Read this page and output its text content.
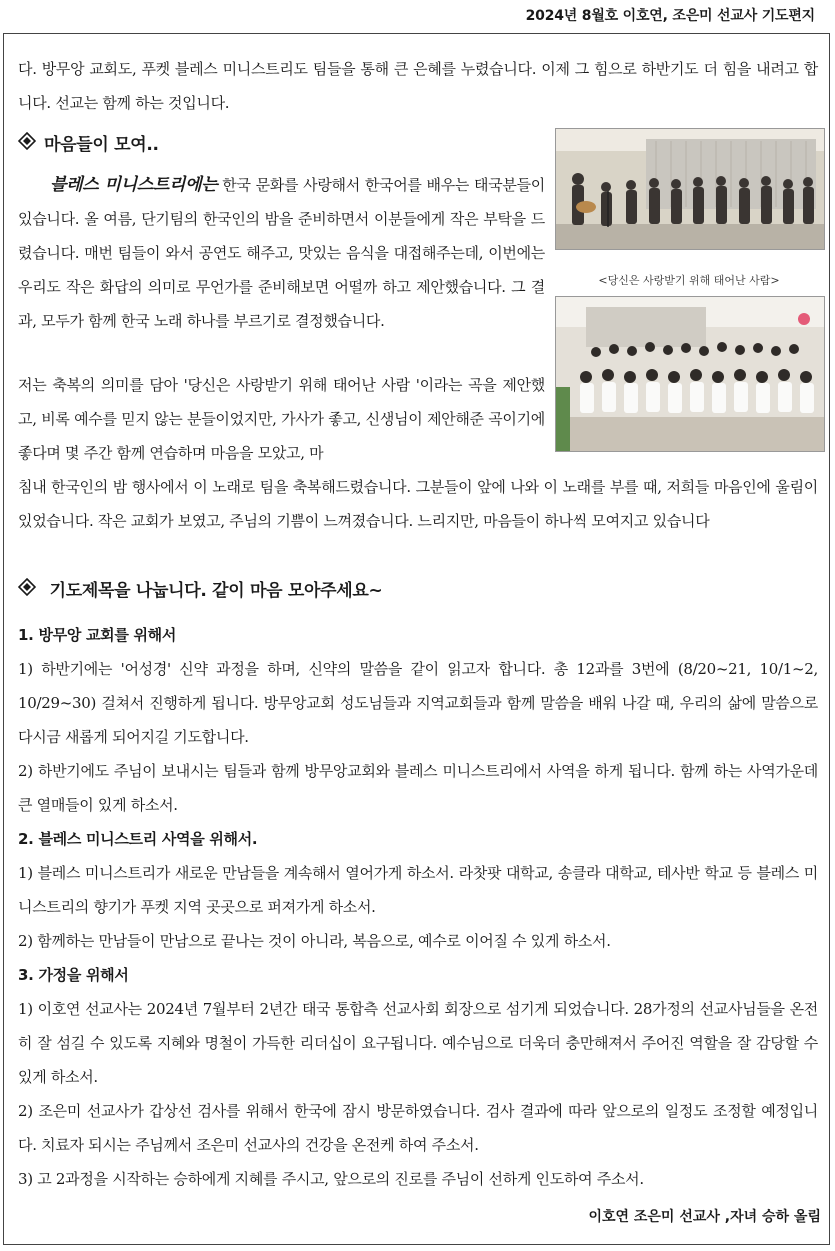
2024년 8월호 이호연, 조은미 선교사 기도편지

다. 방무앙 교회도, 푸켓 블레스 미니스트리도 팀들을 통해 큰 은혜를 누렸습니다. 이제 그 힘으로 하반기도 더 힘을 내려고 합니다. 선교는 함께 하는 것입니다.

마음들이 모여..

블레스 미니스트리에는 한국 문화를 사랑해서 한국어를 배우는 태국분들이 있습니다. 올 여름, 단기팀의 한국인의 밤을 준비하면서 이분들에게 작은 부탁을 드렸습니다. 매번 팀들이 와서 공연도 해주고, 맛있는 음식을 대접해주는데, 이번에는 우리도 작은 화답의 의미로 무언가를 준비해보면 어떨까 하고 제안했습니다. 그 결과, 모두가 함께 한국 노래 하나를 부르기로 결정했습니다.

저는 축복의 의미를 담아 '당신은 사랑받기 위해 태어난 사람 '이라는 곡을 제안했고, 비록 예수를 믿지 않는 분들이었지만, 가사가 좋고, 신생님이 제안해준 곡이기에 좋다며 몇 주간 함께 연습하며 마음을 모았고, 마

침내 한국인의 밤 행사에서 이 노래로 팀을 축복해드렸습니다. 그분들이 앞에 나와 이 노래를 부를 때, 저희들 마음인에 울림이 있었습니다. 작은 교회가 보였고, 주님의 기쁨이 느껴졌습니다. 느리지만, 마음들이 하나씩 모여지고 있습니다

<당신은 사랑받기 위해 태어난 사람>
기도제목을 나눕니다. 같이 마음 모아주세요~

1. 방무앙 교회를 위해서

1) 하반기에는 '어성경' 신약 과정을 하며, 신약의 말씀을 같이 읽고자 합니다. 총 12과를 3번에 (8/20~21, 10/1~2, 10/29~30) 걸쳐서 진행하게 됩니다. 방무앙교회 성도님들과 지역교회들과 함께 말씀을 배워 나갈 때, 우리의 삶에 말씀으로 다시금 새롭게 되어지길 기도합니다.

2) 하반기에도 주님이 보내시는 팀들과 함께 방무앙교회와 블레스 미니스트리에서 사역을 하게 됩니다. 함께 하는 사역가운데 큰 열매들이 있게 하소서.

2. 블레스 미니스트리 사역을 위해서.

1) 블레스 미니스트리가 새로운 만남들을 계속해서 열어가게 하소서. 라찻팟 대학교, 송클라 대학교, 테사반 학교 등 블레스 미니스트리의 향기가 푸켓 지역 곳곳으로 퍼져가게 하소서.

2) 함께하는 만남들이 만남으로 끝나는 것이 아니라, 복음으로, 예수로 이어질 수 있게 하소서.

3. 가정을 위해서

1) 이호연 선교사는 2024년 7월부터 2년간 태국 통합측 선교사회 회장으로 섬기게 되었습니다. 28가정의 선교사님들을 온전히 잘 섬길 수 있도록 지혜와 명철이 가득한 리더십이 요구됩니다. 예수님으로 더욱더 충만해져서 주어진 역할을 잘 감당할 수 있게 하소서.

2) 조은미 선교사가 갑상선 검사를 위해서 한국에 잠시 방문하였습니다. 검사 결과에 따라 앞으로의 일정도 조정할 예정입니다. 치료자 되시는 주님께서 조은미 선교사의 건강을 온전케 하여 주소서.

3) 고 2과정을 시작하는 승하에게 지혜를 주시고, 앞으로의 진로를 주님이 선하게 인도하여 주소서.

이호연 조은미 선교사 ,자녀 승하 올림
